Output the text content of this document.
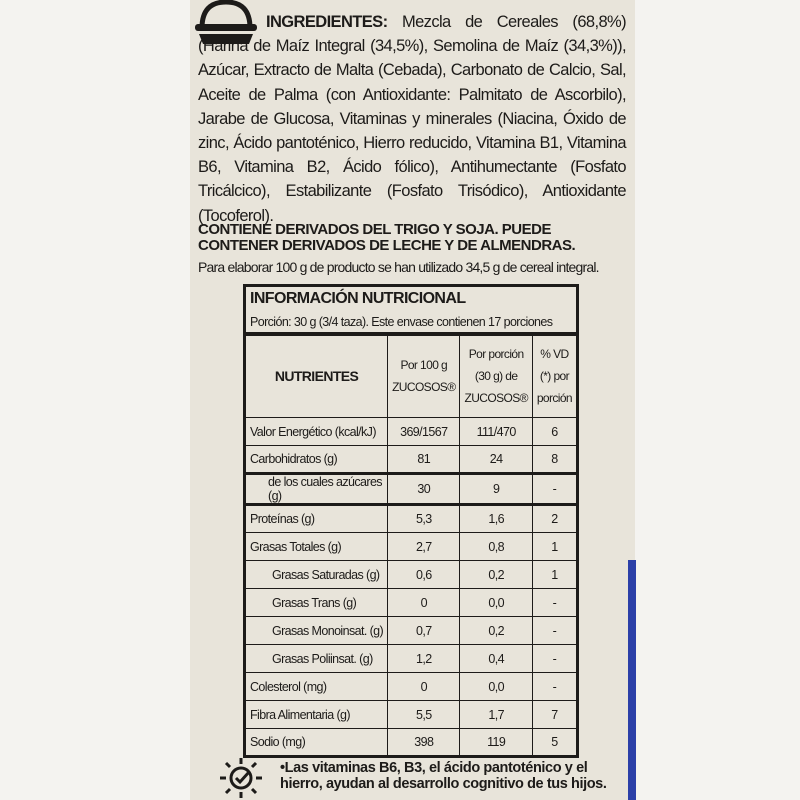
INGREDIENTES: Mezcla de Cereales (68,8%) (Harina de Maíz Integral (34,5%), Semolina de Maíz (34,3%)), Azúcar, Extracto de Malta (Cebada), Carbonato de Calcio, Sal, Aceite de Palma (con Antioxidante: Palmitato de Ascorbilo), Jarabe de Glucosa, Vitaminas y minerales (Niacina, Óxido de zinc, Ácido pantoténico, Hierro reducido, Vitamina B1, Vitamina B6, Vitamina B2, Ácido fólico), Antihumectante (Fosfato Tricálcico), Estabilizante (Fosfato Trisódico), Antioxidante (Tocoferol).

CONTIENE DERIVADOS DEL TRIGO Y SOJA. PUEDE CONTENER DERIVADOS DE LECHE Y DE ALMENDRAS.

Para elaborar 100 g de producto se han utilizado 34,5 g de cereal integral.

•Las vitaminas B6, B3, el ácido pantoténico y el hierro, ayudan al desarrollo cognitivo de tus hijos.

INFORMACIÓN NUTRICIONAL			
Porción: 30 g (3/4 taza). Este envase contienen 17 porciones			
NUTRIENTES	Por 100 g ZUCOSOS®	Por porción (30 g) de ZUCOSOS®	% VD (*) por porción
Valor Energético (kcal/kJ)	369/1567	111/470	6
Carbohidratos (g)	81	24	8
de los cuales azúcares (g)	30	9	-
Proteínas (g)	5,3	1,6	2
Grasas Totales (g)	2,7	0,8	1
Grasas Saturadas (g)	0,6	0,2	1
Grasas Trans (g)	0	0,0	-
Grasas Monoinsat. (g)	0,7	0,2	-
Grasas Poliinsat. (g)	1,2	0,4	-
Colesterol (mg)	0	0,0	-
Fibra Alimentaria (g)	5,5	1,7	7
Sodio (mg)	398	119	5
